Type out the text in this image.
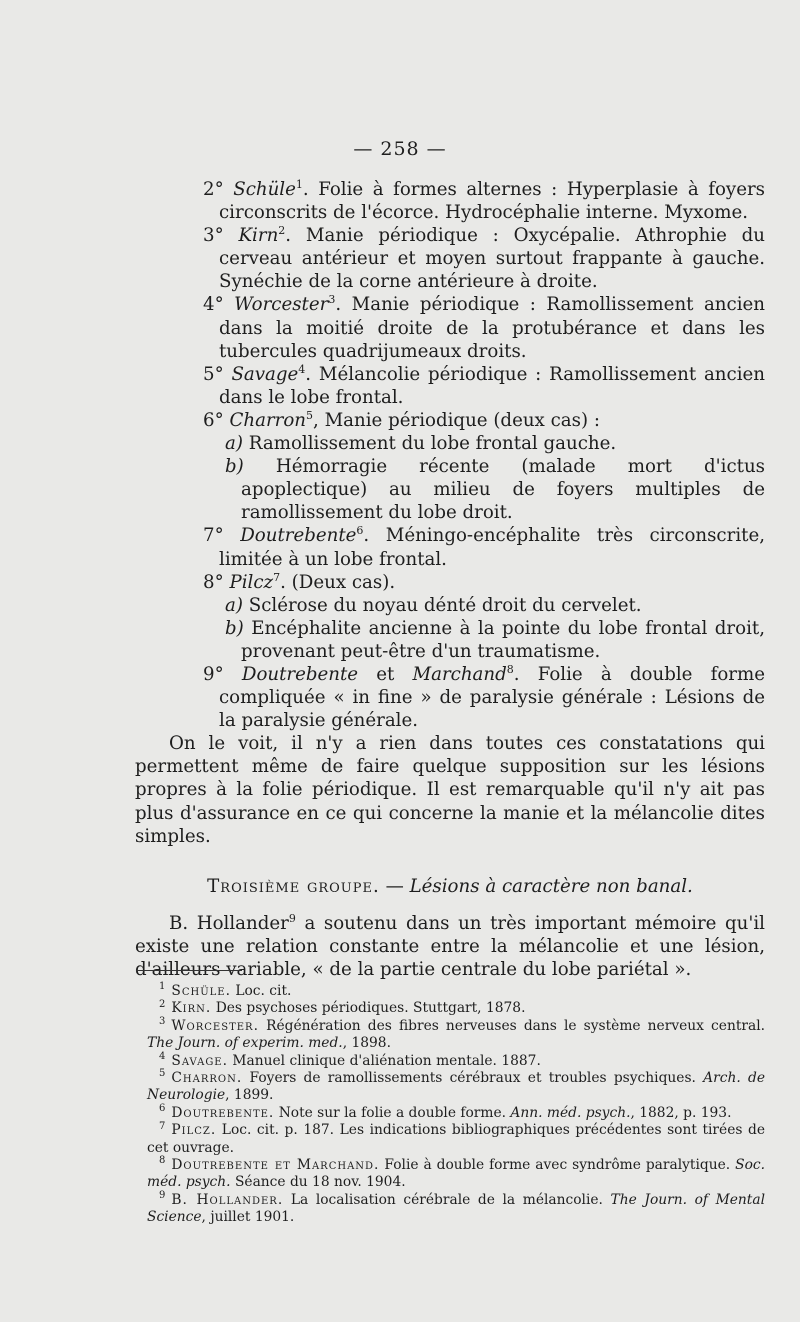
— 258 —

2° Schüle$^1$. Folie à formes alternes : Hyperplasie à foyers circonscrits de l'écorce. Hydrocéphalie interne. Myxome.

3° Kirn$^2$. Manie périodique : Oxycépalie. Athrophie du cerveau antérieur et moyen surtout frappante à gauche. Synéchie de la corne antérieure à droite.

4° Worcester$^3$. Manie périodique : Ramollissement ancien dans la moitié droite de la protubérance et dans les tubercules quadrijumeaux droits.

5° Savage$^4$. Mélancolie périodique : Ramollissement ancien dans le lobe frontal.

6° Charron$^5$, Manie périodique (deux cas) :

a) Ramollissement du lobe frontal gauche.

b) Hémorragie récente (malade mort d'ictus apoplectique) au milieu de foyers multiples de ramollissement du lobe droit.

7° Doutrebente$^6$. Méningo-encéphalite très circonscrite, limitée à un lobe frontal.

8° Pilcz$^7$. (Deux cas).

a) Sclérose du noyau dénté droit du cervelet.

b) Encéphalite ancienne à la pointe du lobe frontal droit, provenant peut-être d'un traumatisme.

9° Doutrebente et Marchand$^8$. Folie à double forme compliquée « in fine » de paralysie générale : Lésions de la paralysie générale.

On le voit, il n'y a rien dans toutes ces constatations qui permettent même de faire quelque supposition sur les lésions propres à la folie périodique. Il est remarquable qu'il n'y ait pas plus d'assurance en ce qui concerne la manie et la mélancolie dites simples.

Troisième groupe. — Lésions à caractère non banal.

B. Hollander$^9$ a soutenu dans un très important mémoire qu'il existe une relation constante entre la mélancolie et une lésion, d'ailleurs variable, « de la partie centrale du lobe pariétal ».

$^1$ Schüle. Loc. cit.

$^2$ Kirn. Des psychoses périodiques. Stuttgart, 1878.

$^3$ Worcester. Régénération des fibres nerveuses dans le système nerveux central. The Journ. of experim. med., 1898.

$^4$ Savage. Manuel clinique d'aliénation mentale. 1887.

$^5$ Charron. Foyers de ramollissements cérébraux et troubles psychiques. Arch. de Neurologie, 1899.

$^6$ Doutrebente. Note sur la folie a double forme. Ann. méd. psych., 1882, p. 193.

$^7$ Pilcz. Loc. cit. p. 187. Les indications bibliographiques précédentes sont tirées de cet ouvrage.

$^8$ Doutrebente et Marchand. Folie à double forme avec syndrôme paralytique. Soc. méd. psych. Séance du 18 nov. 1904.

$^9$ B. Hollander. La localisation cérébrale de la mélancolie. The Journ. of Mental Science, juillet 1901.
